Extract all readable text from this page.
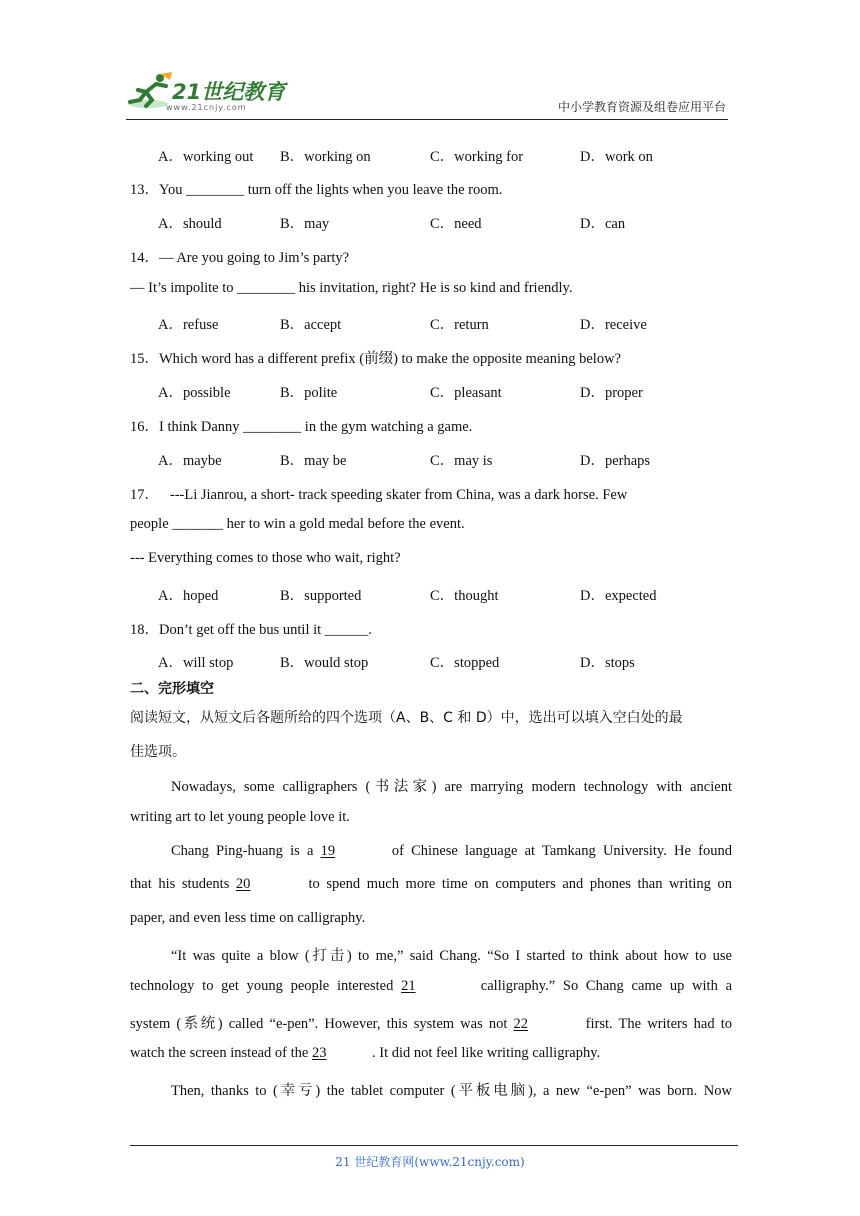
21世纪教育
www.21cnjy.com	中小学教育资源及组卷应用平台
A．working out B．working on	C．working for	D．work on
13．You ________ turn off the lights when you leave the room.
A．should	B．may	C．need	D．can
14．— Are you going to Jim’s party?
— It’s impolite to ________ his invitation, right? He is so kind and friendly.
A．refuse	B．accept	C．return	D．receive
15．Which word has a different prefix (前缀) to make the opposite meaning below?
A．possible	B．polite	C．pleasant	D．proper
16．I think Danny ________ in the gym watching a game.
A．maybe	B．may be	C．may is	D．perhaps
17．   ---Li Jianrou, a short- track speeding skater from China, was a dark horse. Few
people _______ her to win a gold medal before the event.
--- Everything comes to those who wait, right?
A．hoped	B．supported	C．thought	D．expected
18．Don’t get off the bus until it ______.
A．will stop	B．would stop	C．stopped	D．stops
二、完形填空
阅读短文，从短文后各题所给的四个选项（A、B、C 和 D）中，选出可以填入空白处的最
佳选项。
Nowadays, some calligraphers (书法家) are marrying modern technology with ancient
writing art to let young people love it.
Chang Ping-huang is a 19	of Chinese language at Tamkang University. He found
that his students 20	to spend much more time on computers and phones than writing on
paper, and even less time on calligraphy.
“It was quite a blow (打击) to me,” said Chang. “So I started to think about how to use
technology to get young people interested 21	calligraphy.” So Chang came up with a
system (系统) called “e-pen”. However, this system was not 22	first. The writers had to
watch the screen instead of the 23	. It did not feel like writing calligraphy.
Then, thanks to (幸亏) the tablet computer (平板电脑), a new “e-pen” was born. Now
21 世纪教育网(www.21cnjy.com)
